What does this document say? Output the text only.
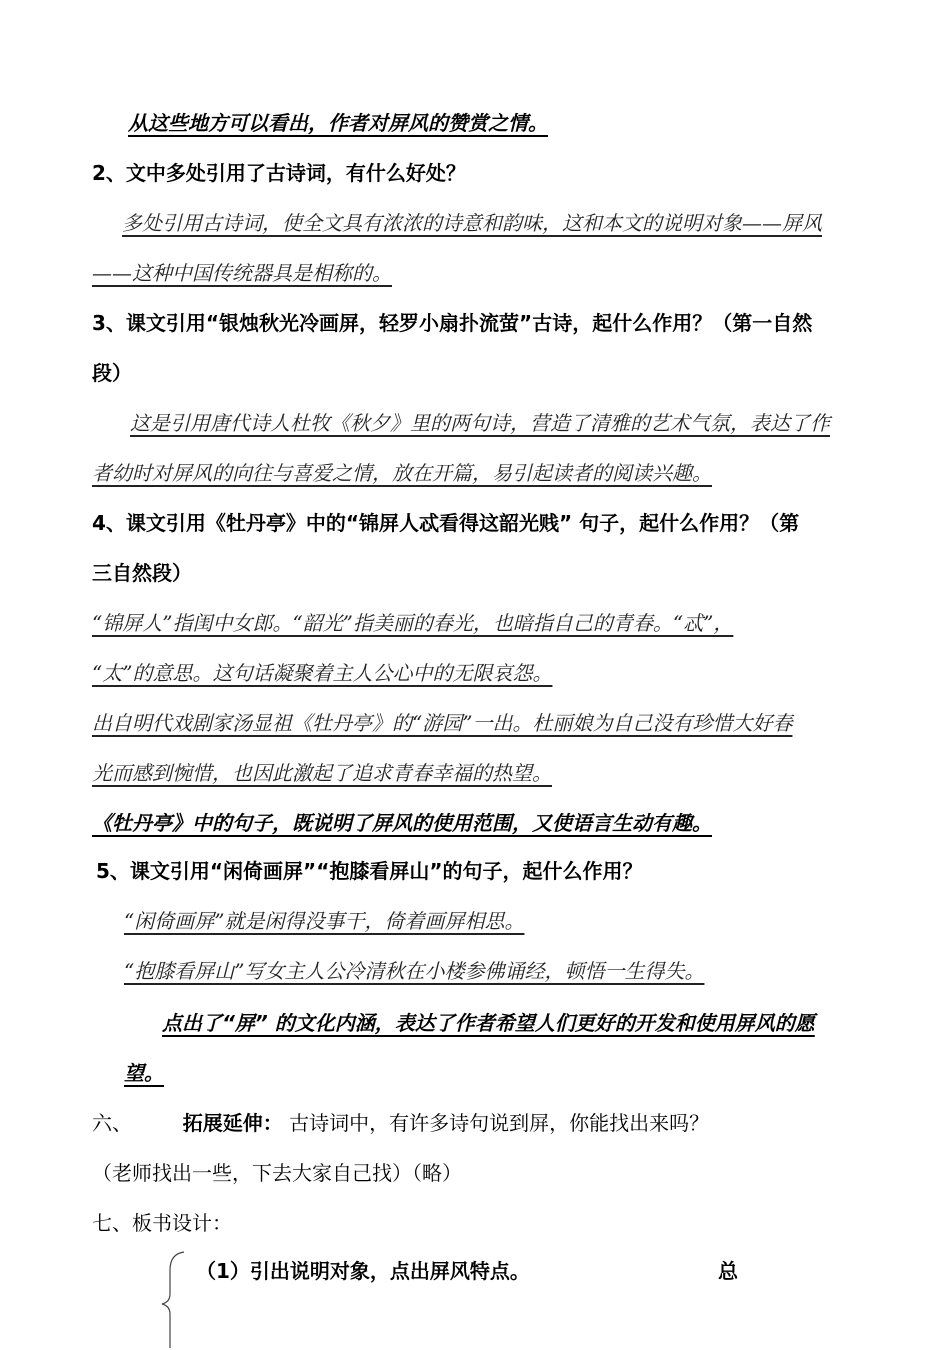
从这些地方可以看出，作者对屏风的赞赏之情。
2、文中多处引用了古诗词，有什么好处？
多处引用古诗词，使全文具有浓浓的诗意和韵味，这和本文的说明对象——屏风
——这种中国传统器具是相称的。
3、课文引用“银烛秋光冷画屏，轻罗小扇扑流萤”古诗，起什么作用？（第一自然
段）
这是引用唐代诗人杜牧《秋夕》里的两句诗，营造了清雅的艺术气氛，表达了作
者幼时对屏风的向往与喜爱之情，放在开篇，易引起读者的阅读兴趣。
4、课文引用《牡丹亭》中的“锦屏人忒看得这韶光贱” 句子，起什么作用？（第
三自然段）
“锦屏人”指闺中女郎。“韶光”指美丽的春光，也暗指自己的青春。“忒”，
“太”的意思。这句话凝聚着主人公心中的无限哀怨。
出自明代戏剧家汤显祖《牡丹亭》的“游园”一出。杜丽娘为自己没有珍惜大好春
光而感到惋惜，也因此激起了追求青春幸福的热望。
《牡丹亭》中的句子，既说明了屏风的使用范围，又使语言生动有趣。
5、课文引用“闲倚画屏”“抱膝看屏山”的句子，起什么作用？
“闲倚画屏”就是闲得没事干，倚着画屏相思。
“抱膝看屏山”写女主人公冷清秋在小楼参佛诵经，顿悟一生得失。
点出了“屏” 的文化内涵，表达了作者希望人们更好的开发和使用屏风的愿
望。
六、	拓展延伸： 古诗词中，有许多诗句说到屏，你能找出来吗？
（老师找出一些，下去大家自己找）（略）
七、板书设计：
（1）引出说明对象，点出屏风特点。	总
